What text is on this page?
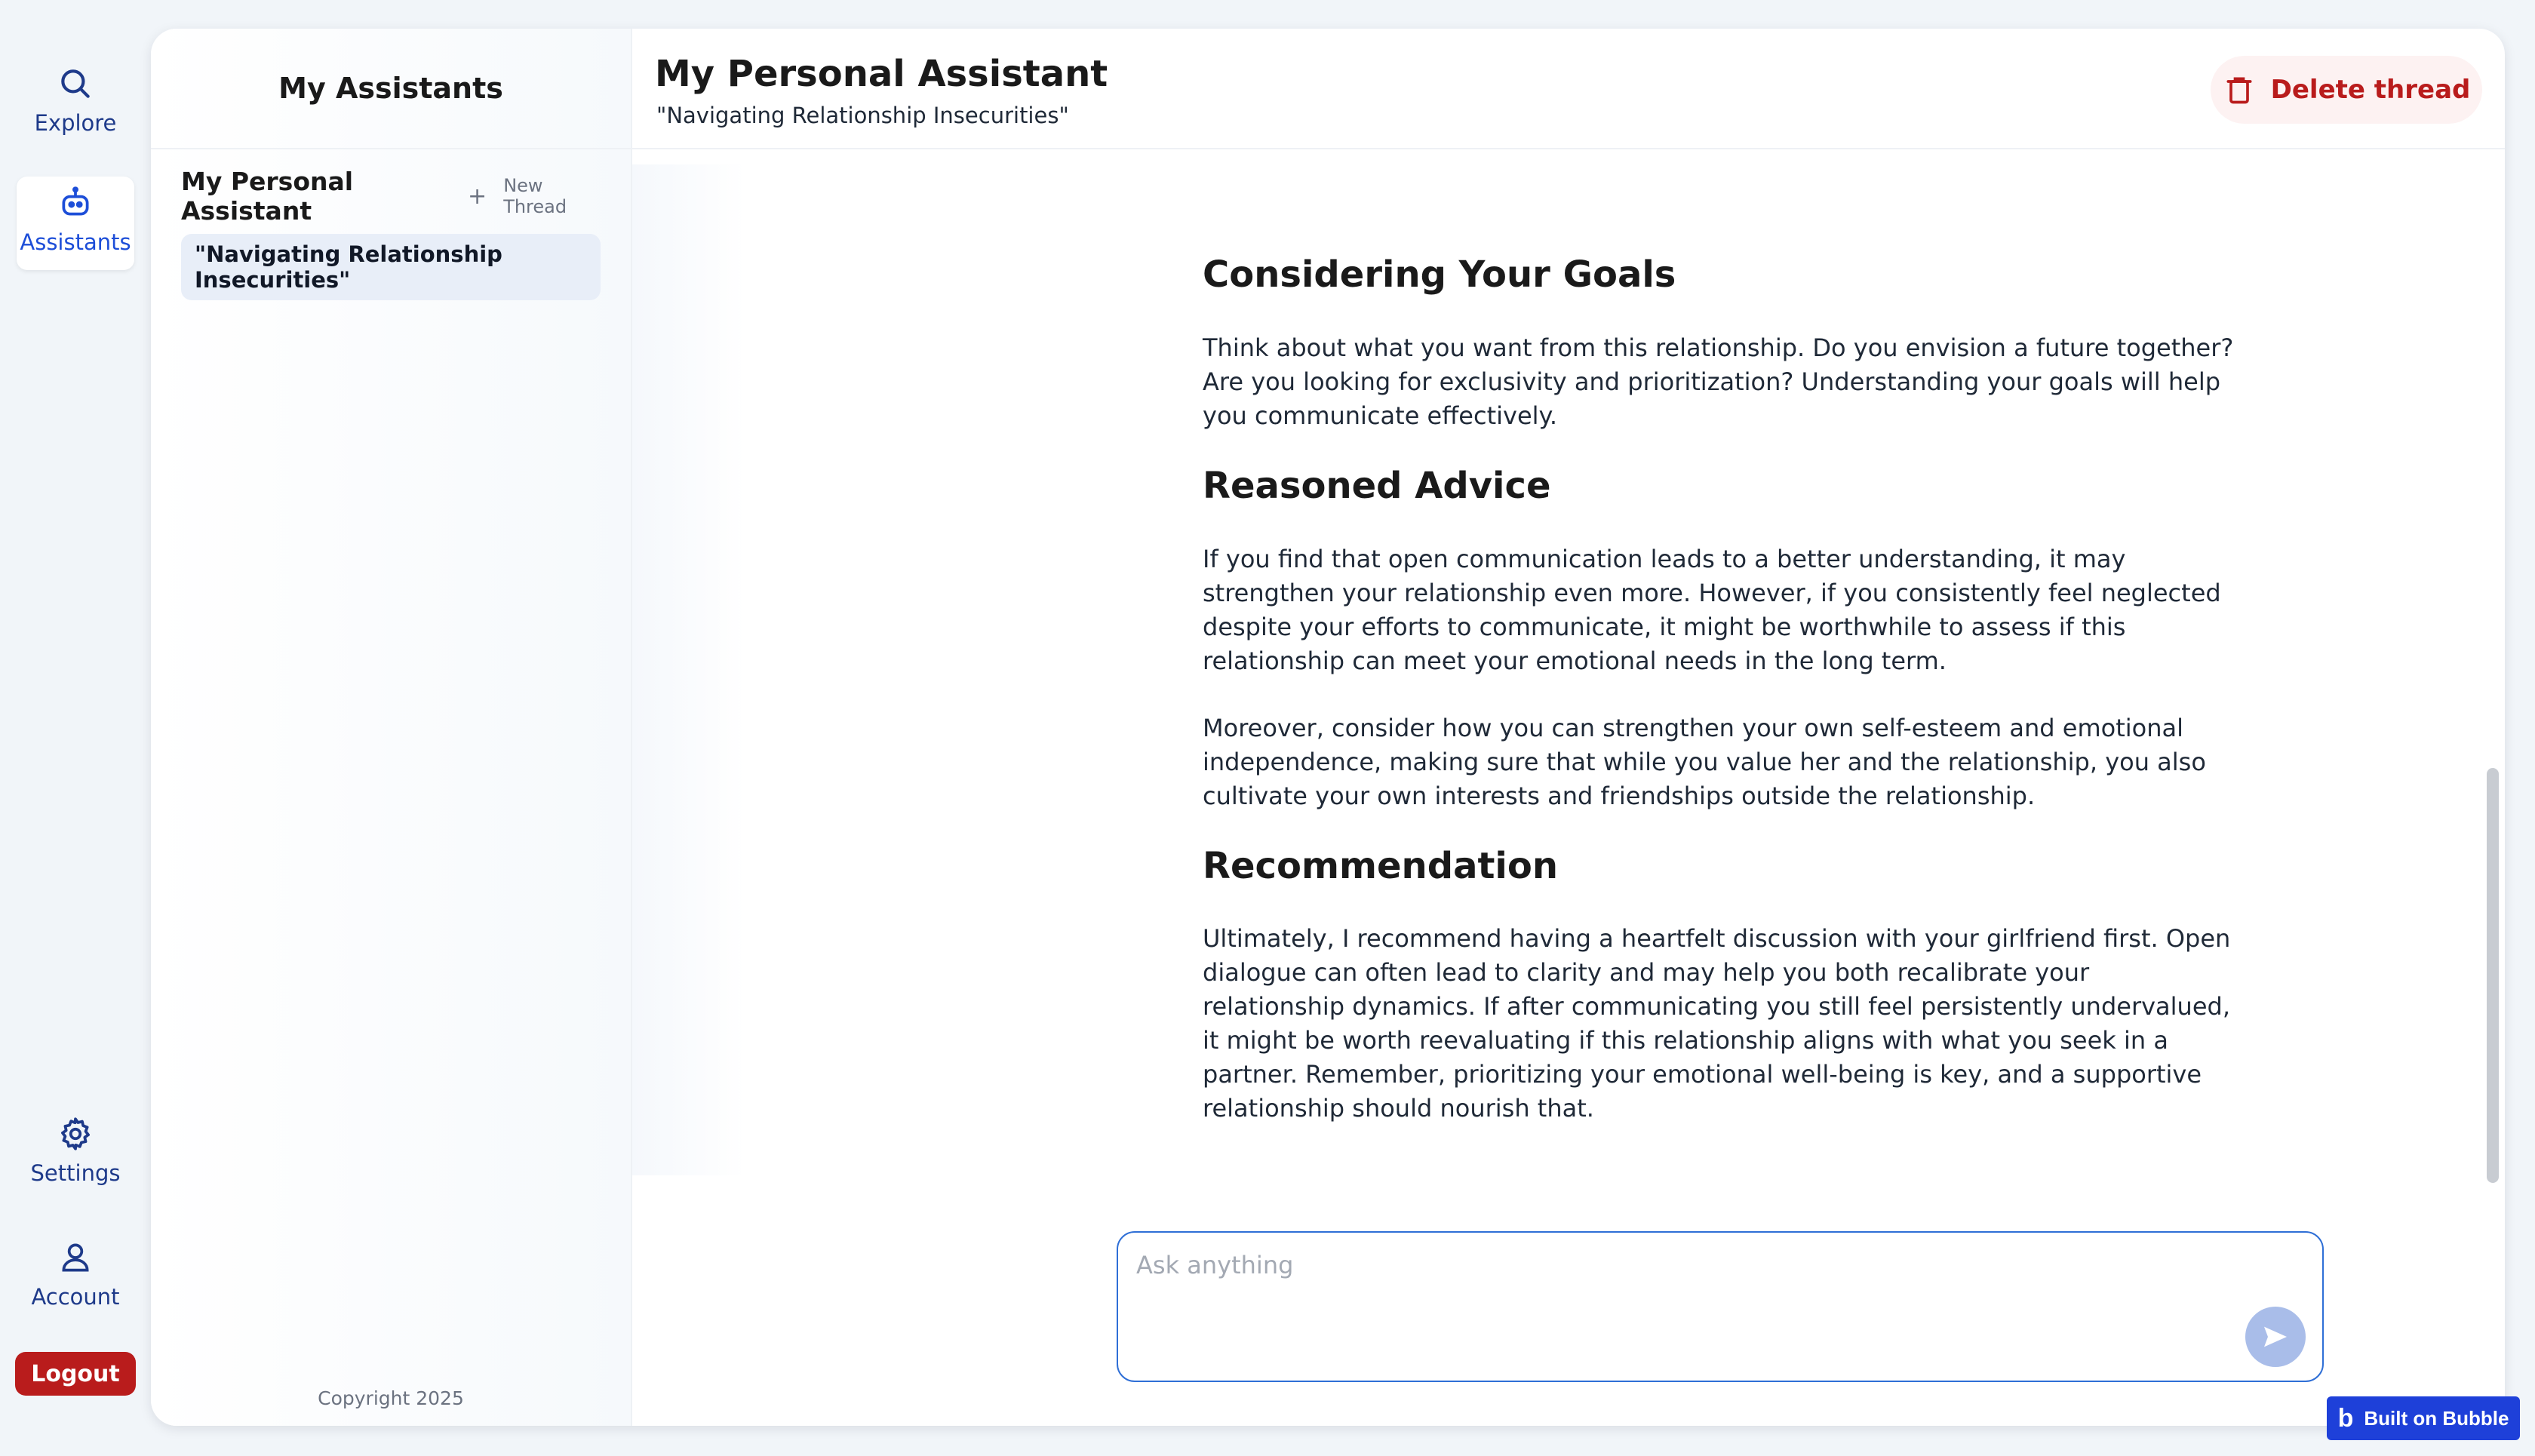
Explore
Assistants
Settings
Account
Logout
My Assistants
My Personal Assistant	+ New Thread
"Navigating Relationship Insecurities"
Copyright 2025
My Personal Assistant
"Navigating Relationship Insecurities"
Delete thread
Considering Your Goals

Think about what you want from this relationship. Do you envision a future together? Are you looking for exclusivity and prioritization? Understanding your goals will help you communicate effectively.

Reasoned Advice

If you find that open communication leads to a better understanding, it may strengthen your relationship even more. However, if you consistently feel neglected despite your efforts to communicate, it might be worthwhile to assess if this relationship can meet your emotional needs in the long term.

Moreover, consider how you can strengthen your own self-esteem and emotional independence, making sure that while you value her and the relationship, you also cultivate your own interests and friendships outside the relationship.

Recommendation

Ultimately, I recommend having a heartfelt discussion with your girlfriend first. Open dialogue can often lead to clarity and may help you both recalibrate your relationship dynamics. If after communicating you still feel persistently undervalued, it might be worth reevaluating if this relationship aligns with what you seek in a partner. Remember, prioritizing your emotional well-being is key, and a supportive relationship should nourish that.

Ask anything
b Built on Bubble
